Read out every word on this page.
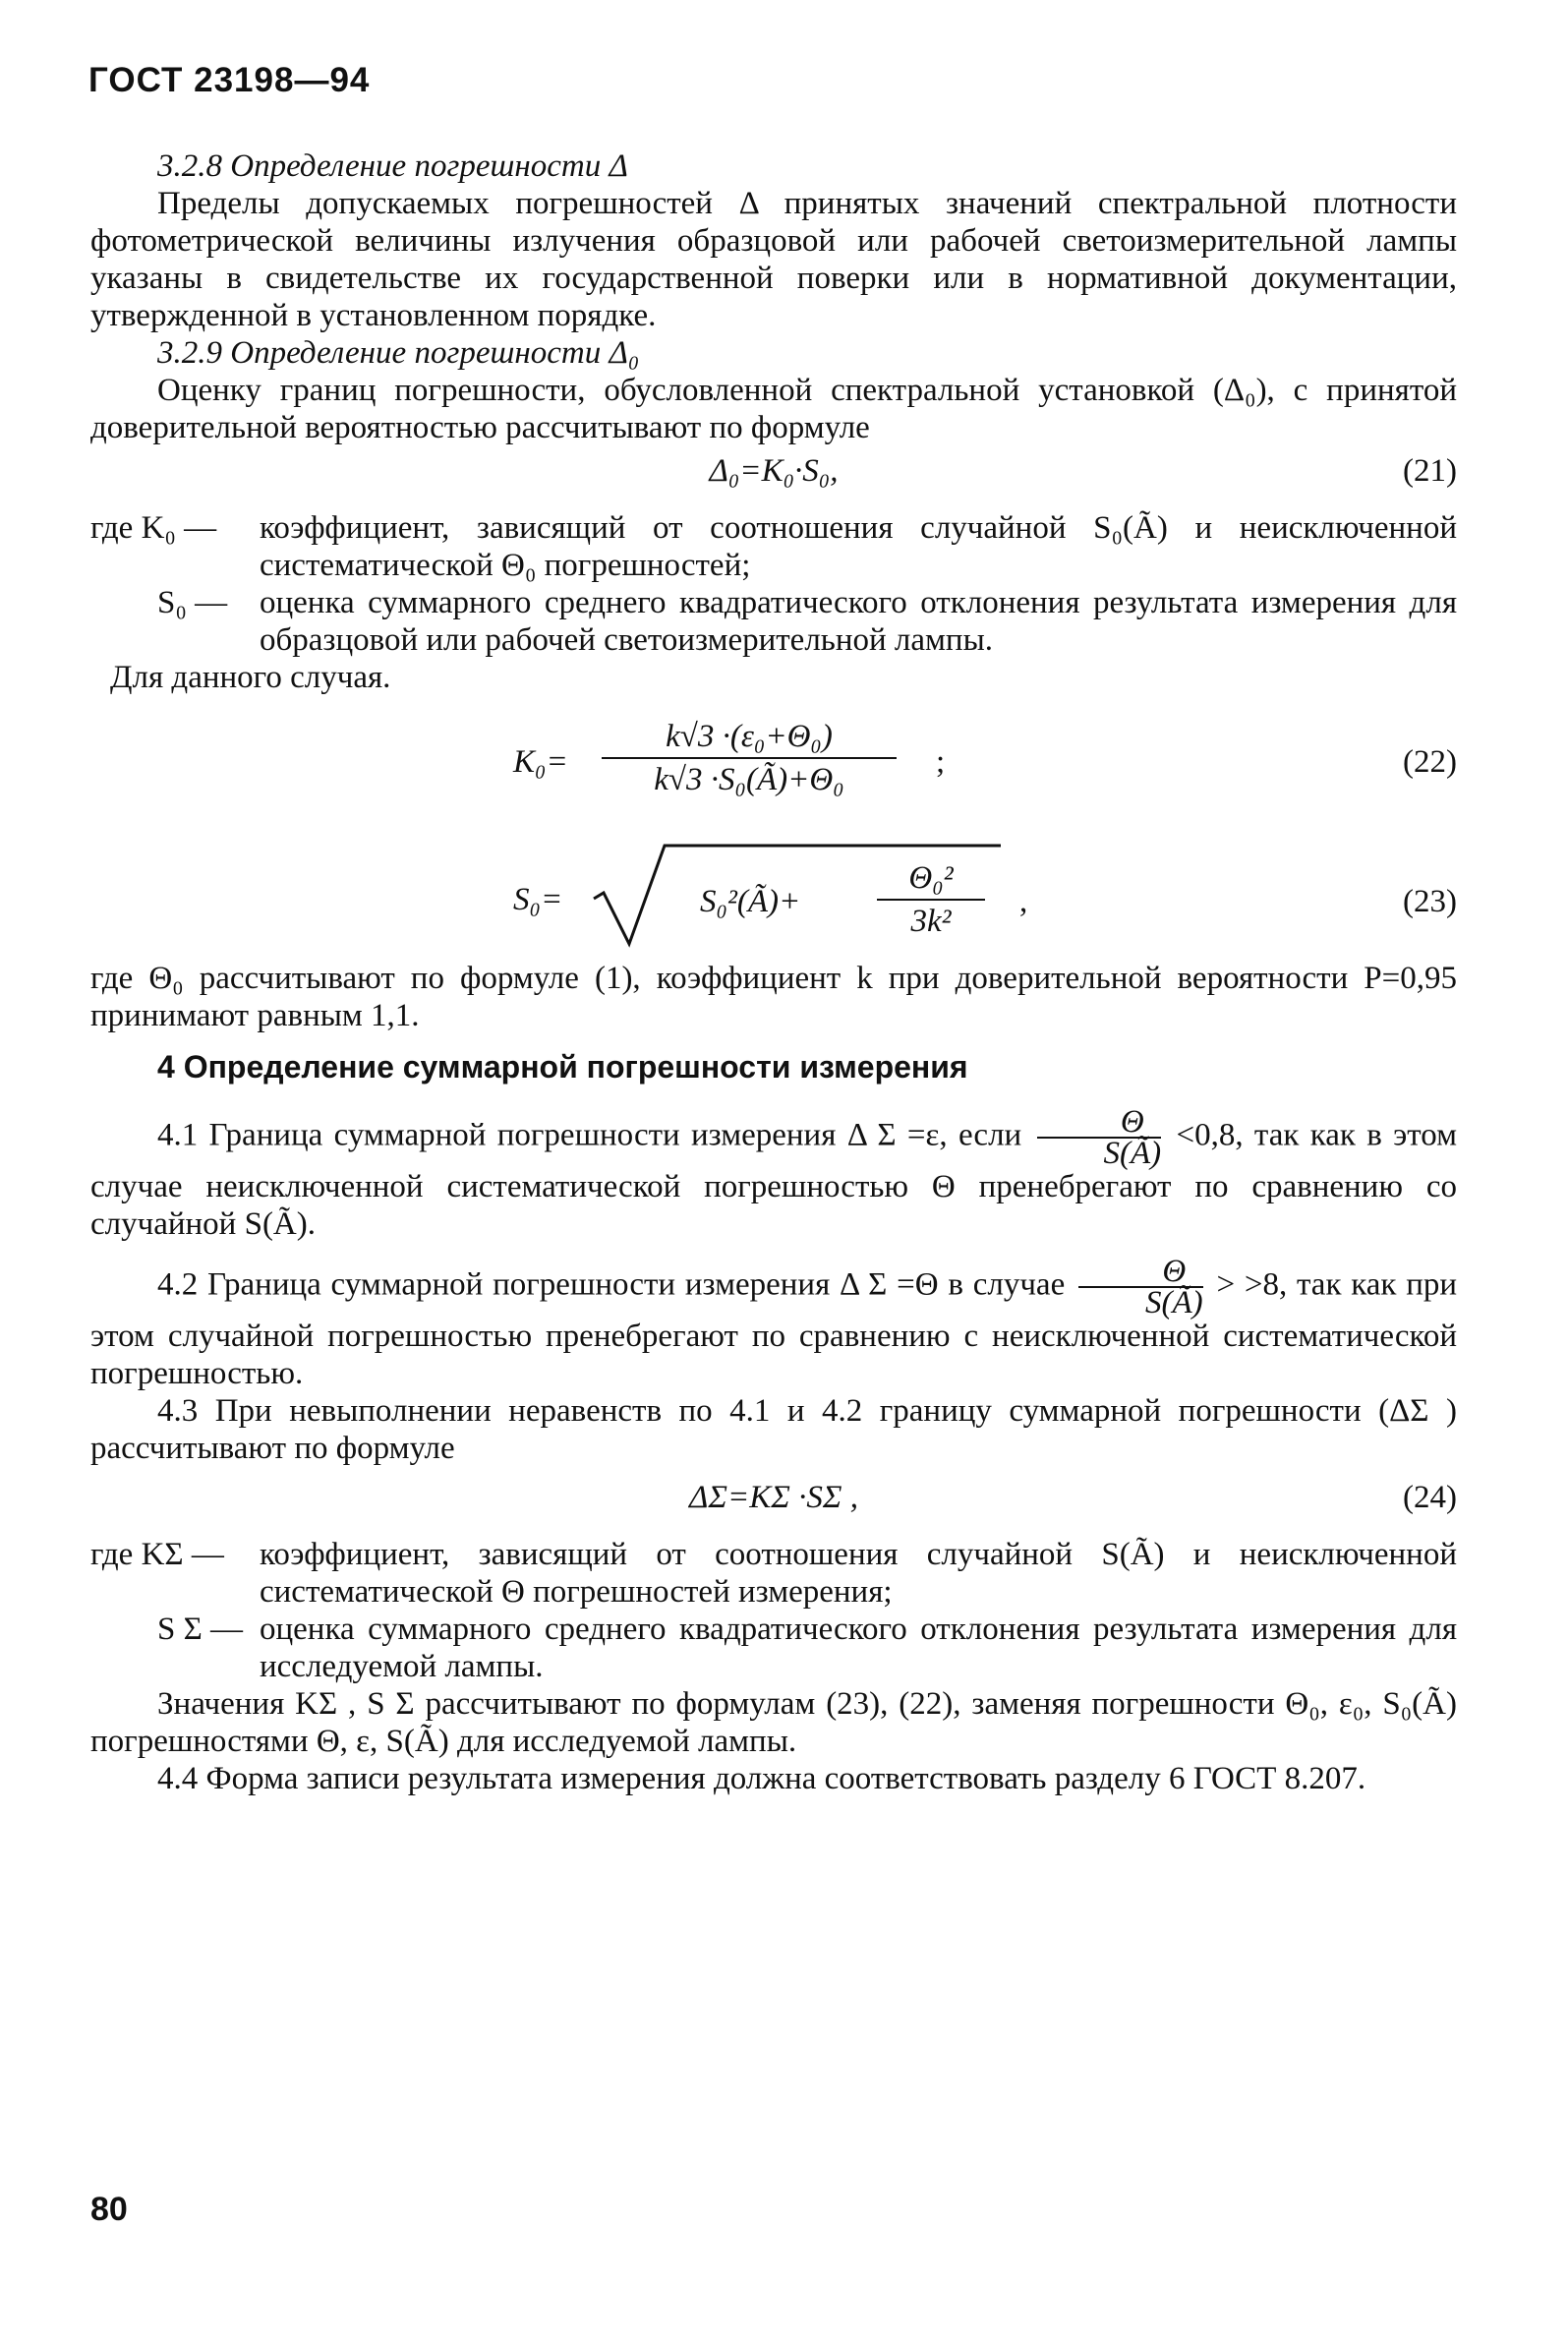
ГОСТ 23198—94

3.2.8 Определение погрешности Δ

Пределы допускаемых погрешностей Δ принятых значений спектральной плотности фотометрической величины излучения образцовой или рабочей светоизмерительной лампы указаны в свидетельстве их государственной поверки или в нормативной документации, утвержденной в установленном порядке.

3.2.9 Определение погрешности Δ₀

Оценку границ погрешности, обусловленной спектральной установкой (Δ₀), с принятой доверительной вероятностью рассчитывают по формуле

Δ₀=K₀·S₀,	(21)

где K₀ — коэффициент, зависящий от соотношения случайной S₀(Ã) и неисключенной систематической Θ₀ погрешностей;

S₀ — оценка суммарного среднего квадратического отклонения результата измерения для образцовой или рабочей светоизмерительной лампы.

Для данного случая.

$K_0= \frac{\text{k√3 ·(ε₀+Θ₀)}}{\text{k√3 ·S₀(Ã)+Θ₀}}$ ;	(22)
S₀=	S₀²(Ã)+ $\frac{\text{Θ₀²}}{\text{3k²}}$ ,	(23)

где Θ₀ рассчитывают по формуле (1), коэффициент k при доверительной вероятности P=0,95 принимают равным 1,1.

4 Определение суммарной погрешности измерения

4.1 Граница суммарной погрешности измерения Δ Σ =ε, если $\frac{\Theta}{S(Ã)} <0,8$, так как в этом случае неисключенной систематической погрешностью Θ пренебрегают по сравнению со случайной S(Ã).

4.2 Граница суммарной погрешности измерения Δ Σ =Θ в случае $\frac{\Theta}{S(Ã)} > >8$, так как при этом случайной погрешностью пренебрегают по сравнению с неисключенной систематической погрешностью.

4.3 При невыполнении неравенств по 4.1 и 4.2 границу суммарной погрешности (ΔΣ ) рассчитывают по формуле

ΔΣ=KΣ ·SΣ ,	(24)

где KΣ — коэффициент, зависящий от соотношения случайной S(Ã) и неисключенной систематической Θ погрешностей измерения;

S Σ — оценка суммарного среднего квадратического отклонения результата измерения для исследуемой лампы.

Значения KΣ , S Σ рассчитывают по формулам (23), (22), заменяя погрешности Θ₀, ε₀, S₀(Ã) погрешностями Θ, ε, S(Ã) для исследуемой лампы.

4.4 Форма записи результата измерения должна соответствовать разделу 6 ГОСТ 8.207.

80
